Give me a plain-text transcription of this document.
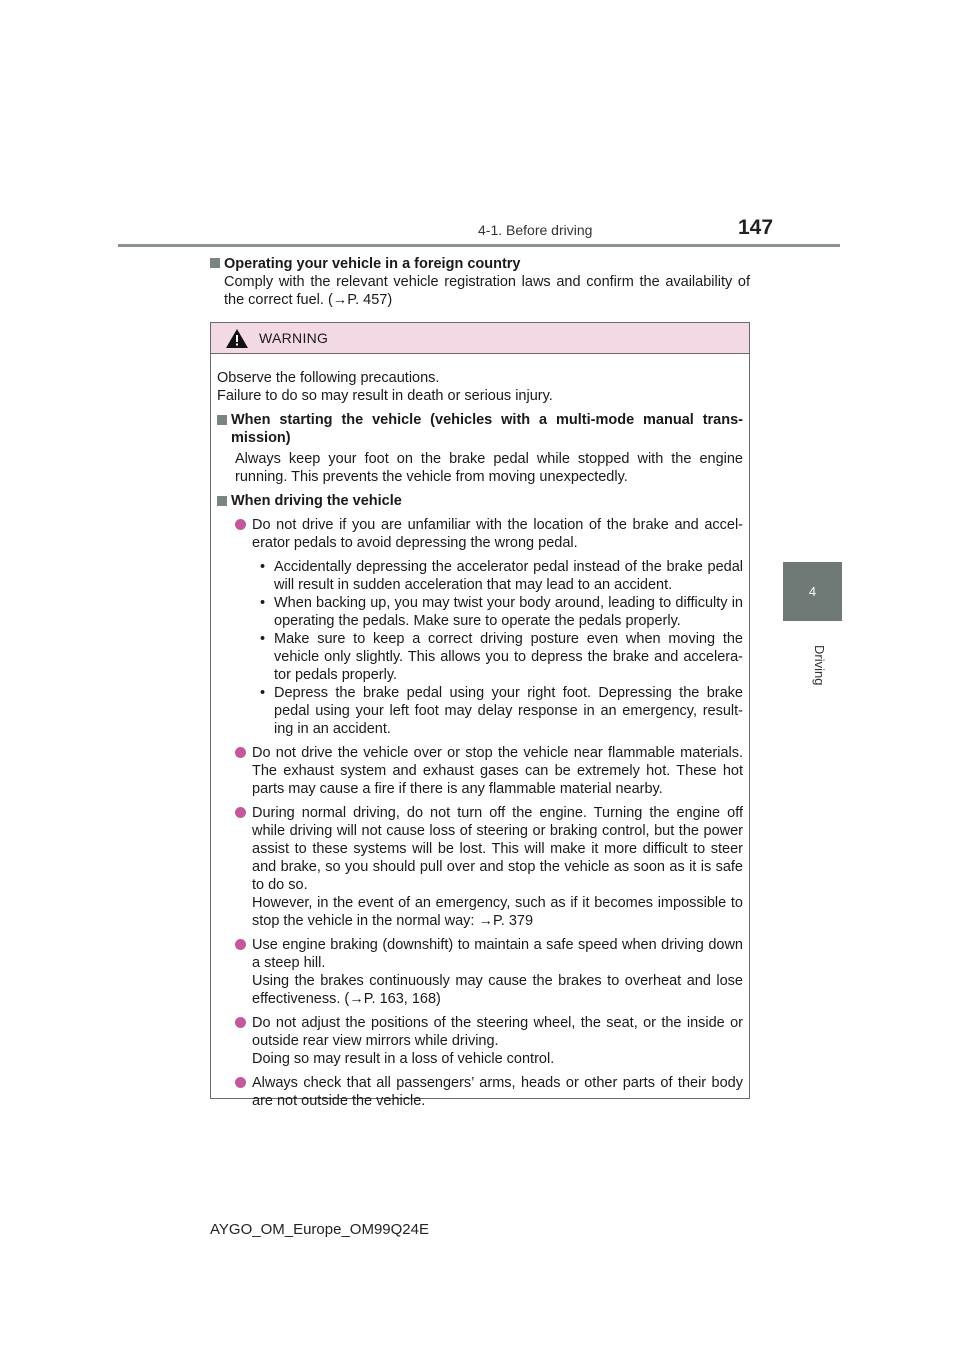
4-1. Before driving	147
4
Driving
Operating your vehicle in a foreign country
Comply with the relevant vehicle registration laws and confirm the availability of the correct fuel. (→P. 457)
WARNING

Observe the following precautions.

Failure to do so may result in death or serious injury.

When starting the vehicle (vehicles with a multi-mode manual trans-mission)

Always keep your foot on the brake pedal while stopped with the engine running. This prevents the vehicle from moving unexpectedly.

When driving the vehicle
Do not drive if you are unfamiliar with the location of the brake and accel-erator pedals to avoid depressing the wrong pedal.
• Accidentally depressing the accelerator pedal instead of the brake pedal will result in sudden acceleration that may lead to an accident.
• When backing up, you may twist your body around, leading to difficulty in operating the pedals. Make sure to operate the pedals properly.
• Make sure to keep a correct driving posture even when moving the vehicle only slightly. This allows you to depress the brake and accelera-tor pedals properly.
• Depress the brake pedal using your right foot. Depressing the brake pedal using your left foot may delay response in an emergency, result-ing in an accident.
Do not drive the vehicle over or stop the vehicle near flammable materials. The exhaust system and exhaust gases can be extremely hot. These hot parts may cause a fire if there is any flammable material nearby.
During normal driving, do not turn off the engine. Turning the engine off while driving will not cause loss of steering or braking control, but the power assist to these systems will be lost. This will make it more difficult to steer and brake, so you should pull over and stop the vehicle as soon as it is safe to do so.
However, in the event of an emergency, such as if it becomes impossible to stop the vehicle in the normal way: →P. 379
Use engine braking (downshift) to maintain a safe speed when driving down a steep hill.
Using the brakes continuously may cause the brakes to overheat and lose effectiveness. (→P. 163, 168)
Do not adjust the positions of the steering wheel, the seat, or the inside or outside rear view mirrors while driving.
Doing so may result in a loss of vehicle control.
Always check that all passengers’ arms, heads or other parts of their body are not outside the vehicle.
AYGO_OM_Europe_OM99Q24E
